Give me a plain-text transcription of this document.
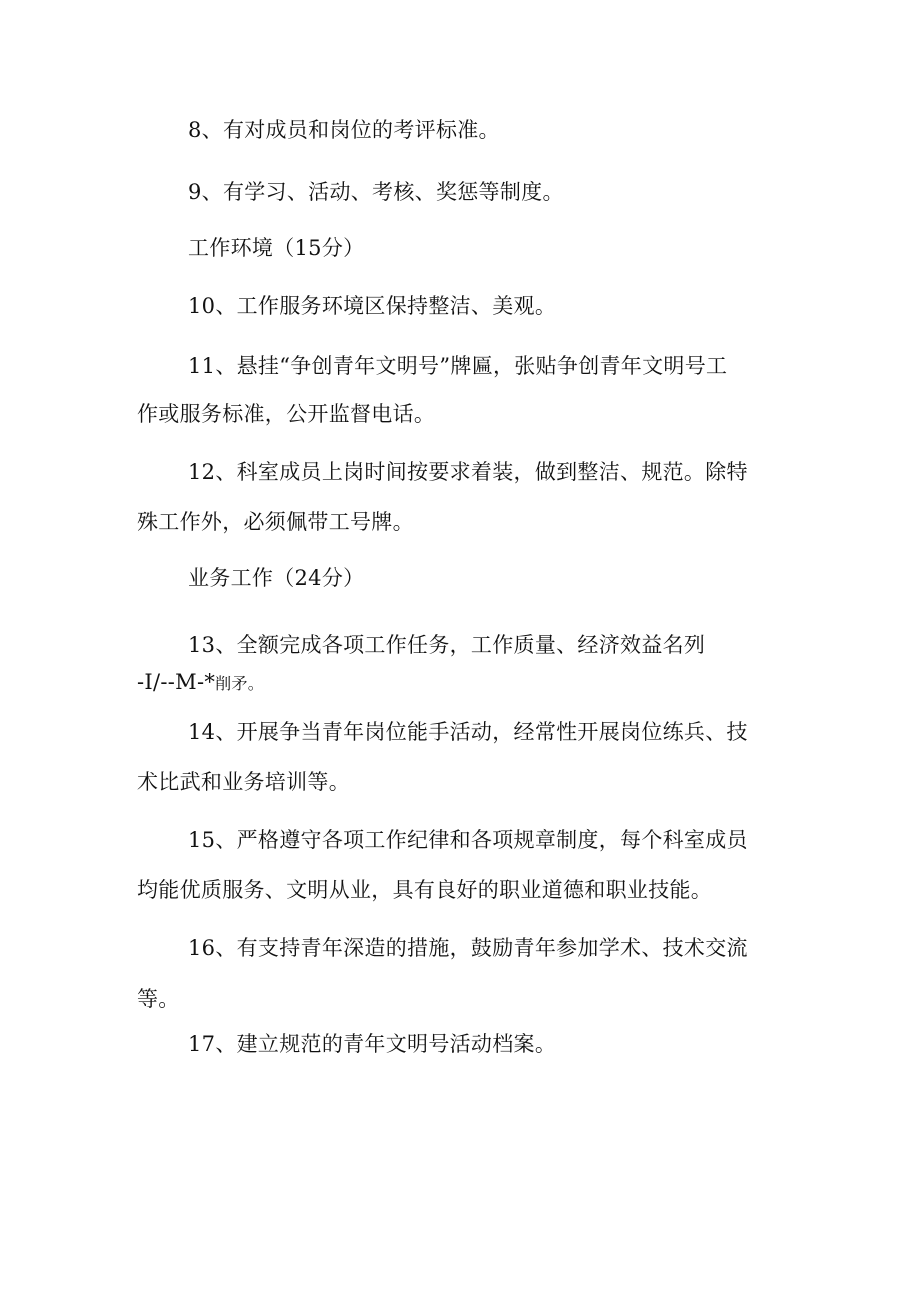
8、有对成员和岗位的考评标准。
9、有学习、活动、考核、奖惩等制度。
工作环境（15分）
10、工作服务环境区保持整洁、美观。
11、悬挂“争创青年文明号”牌匾，张贴争创青年文明号工
作或服务标准，公开监督电话。
12、科室成员上岗时间按要求着装，做到整洁、规范。除特
殊工作外，必须佩带工号牌。
业务工作（24分）
13、全额完成各项工作任务，工作质量、经济效益名列
-I/--M-*削矛。
14、开展争当青年岗位能手活动，经常性开展岗位练兵、技
术比武和业务培训等。
15、严格遵守各项工作纪律和各项规章制度，每个科室成员
均能优质服务、文明从业，具有良好的职业道德和职业技能。
16、有支持青年深造的措施，鼓励青年参加学术、技术交流
等。
17、建立规范的青年文明号活动档案。
